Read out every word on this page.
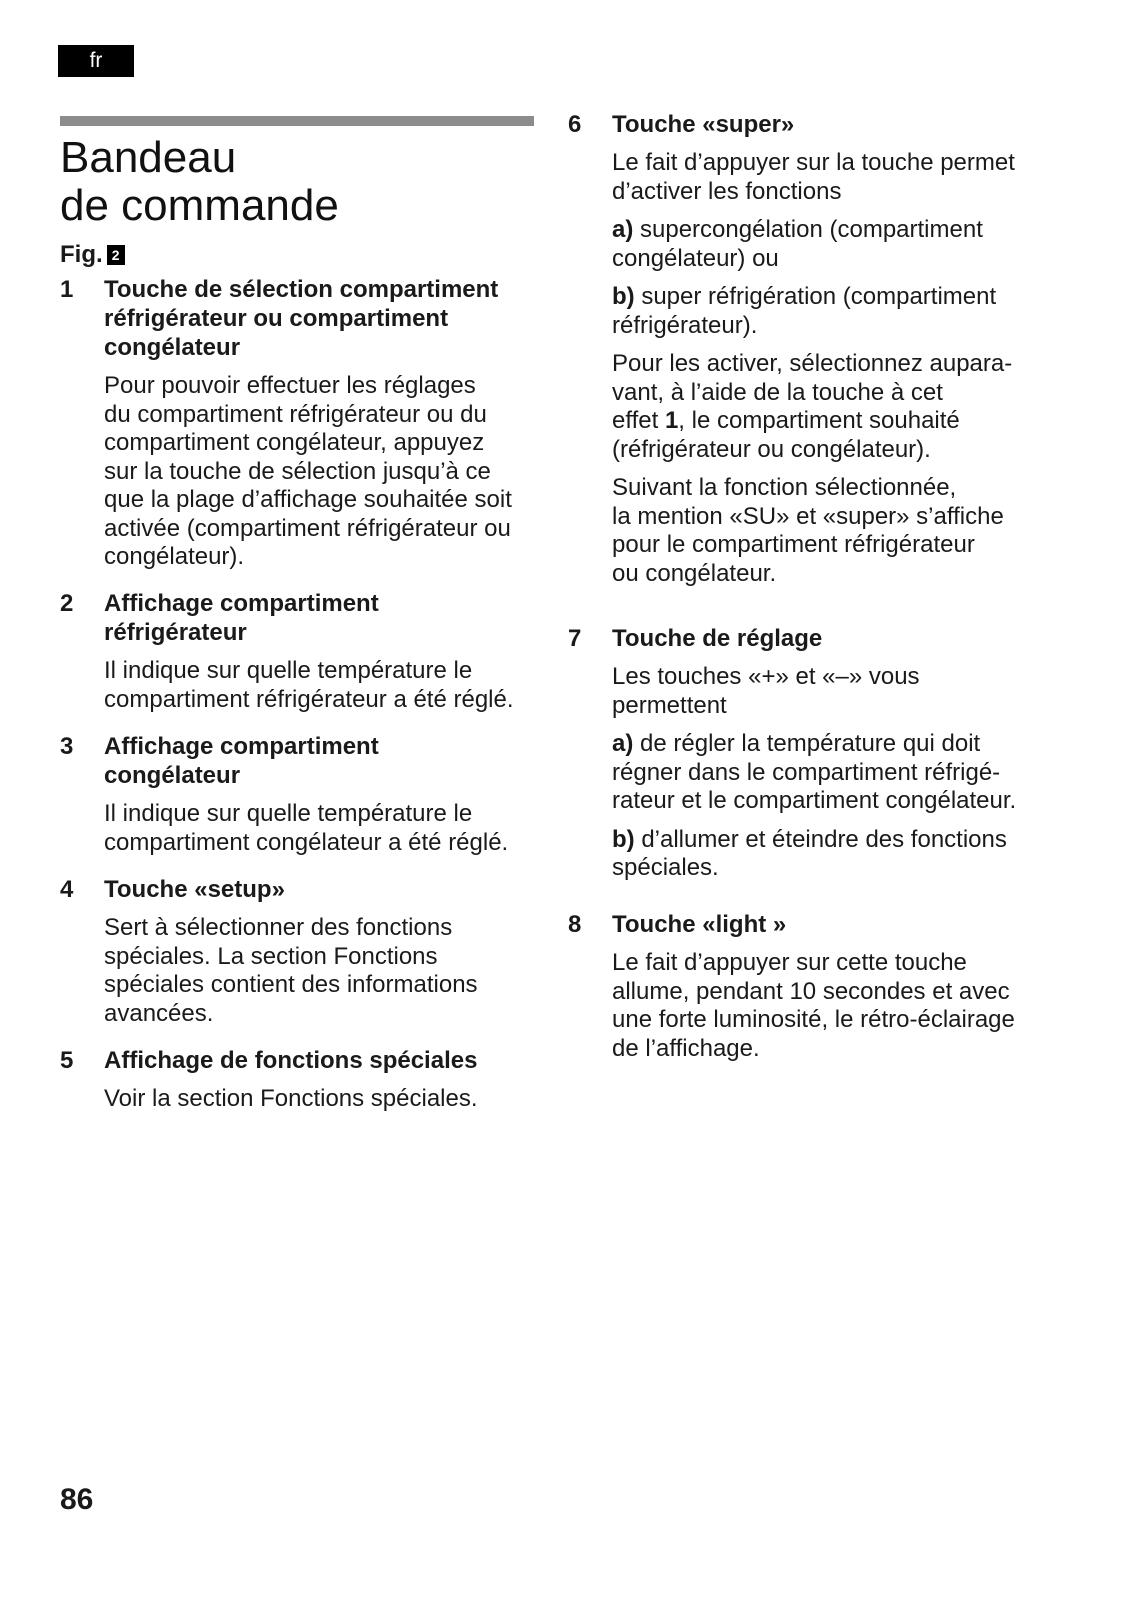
fr
Bandeau
de commande
Fig. 2
1 Touche de sélection compartiment
réfrigérateur ou compartiment
congélateur

Pour pouvoir effectuer les réglages
du compartiment réfrigérateur ou du
compartiment congélateur, appuyez
sur la touche de sélection jusqu’à ce
que la plage d’affichage souhaitée soit
activée (compartiment réfrigérateur ou
congélateur).

2 Affichage compartiment
réfrigérateur

Il indique sur quelle température le
compartiment réfrigérateur a été réglé.

3 Affichage compartiment
congélateur

Il indique sur quelle température le
compartiment congélateur a été réglé.

4 Touche «setup»

Sert à sélectionner des fonctions
spéciales. La section Fonctions
spéciales contient des informations
avancées.

5 Affichage de fonctions spéciales

Voir la section Fonctions spéciales.

6 Touche «super»

Le fait d’appuyer sur la touche permet
d’activer les fonctions

a) supercongélation (compartiment
congélateur) ou

b) super réfrigération (compartiment
réfrigérateur).

Pour les activer, sélectionnez aupara-
vant, à l’aide de la touche à cet
effet 1, le compartiment souhaité
(réfrigérateur ou congélateur).

Suivant la fonction sélectionnée,
la mention «SU» et «super» s’affiche
pour le compartiment réfrigérateur
ou congélateur.

7 Touche de réglage

Les touches «+» et «–» vous
permettent

a) de régler la température qui doit
régner dans le compartiment réfrigé-
rateur et le compartiment congélateur.

b) d’allumer et éteindre des fonctions
spéciales.

8 Touche «light »

Le fait d’appuyer sur cette touche
allume, pendant 10 secondes et avec
une forte luminosité, le rétro-éclairage
de l’affichage.

86
